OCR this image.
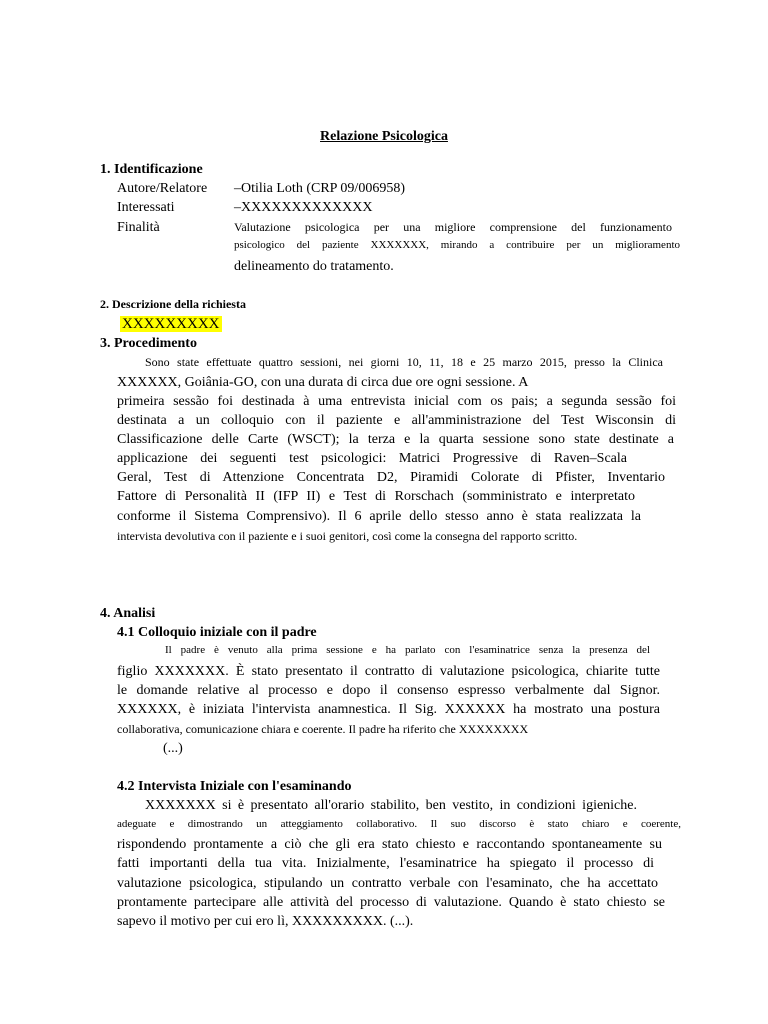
Relazione Psicologica
1. Identificazione
Autore/Relatore –Otilia Loth (CRP 09/006958)
Interessati	–XXXXXXXXXXXXX
Finalità	Valutazione psicologica per una migliore comprensione del funzionamento
psicologico del paziente XXXXXXX, mirando a contribuire per un miglioramento
delineamento do tratamento.
2. Descrizione della richiesta
XXXXXXXXX
3. Procedimento
Sono state effettuate quattro sessioni, nei giorni 10, 11, 18 e 25 marzo 2015, presso la Clinica
XXXXXX, Goiânia-GO, con una durata di circa due ore ogni sessione. A
primeira sessão foi destinada à uma entrevista inicial com os pais; a segunda sessão foi
destinata a un colloquio con il paziente e all'amministrazione del Test Wisconsin di
Classificazione delle Carte (WSCT); la terza e la quarta sessione sono state destinate a
applicazione dei seguenti test psicologici: Matrici Progressive di Raven–Scala
Geral, Test di Attenzione Concentrata D2, Piramidi Colorate di Pfister, Inventario
Fattore di Personalità II (IFP II) e Test di Rorschach (somministrato e interpretato
conforme il Sistema Comprensivo). Il 6 aprile dello stesso anno è stata realizzata la
intervista devolutiva con il paziente e i suoi genitori, così come la consegna del rapporto scritto.
4. Analisi
4.1 Colloquio iniziale con il padre
Il padre è venuto alla prima sessione e ha parlato con l'esaminatrice senza la presenza del
figlio XXXXXXX. È stato presentato il contratto di valutazione psicologica, chiarite tutte
le domande relative al processo e dopo il consenso espresso verbalmente dal Signor.
XXXXXX, è iniziata l'intervista anamnestica. Il Sig. XXXXXX ha mostrato una postura
collaborativa, comunicazione chiara e coerente. Il padre ha riferito che XXXXXXXX
(...)
4.2 Intervista Iniziale con l'esaminando
XXXXXXX si è presentato all'orario stabilito, ben vestito, in condizioni igieniche.
adeguate e dimostrando un atteggiamento collaborativo. Il suo discorso è stato chiaro e coerente,
rispondendo prontamente a ciò che gli era stato chiesto e raccontando spontaneamente su
fatti importanti della tua vita. Inizialmente, l'esaminatrice ha spiegato il processo di
valutazione psicologica, stipulando un contratto verbale con l'esaminato, che ha accettato
prontamente partecipare alle attività del processo di valutazione. Quando è stato chiesto se
sapevo il motivo per cui ero lì, XXXXXXXXX. (...).
